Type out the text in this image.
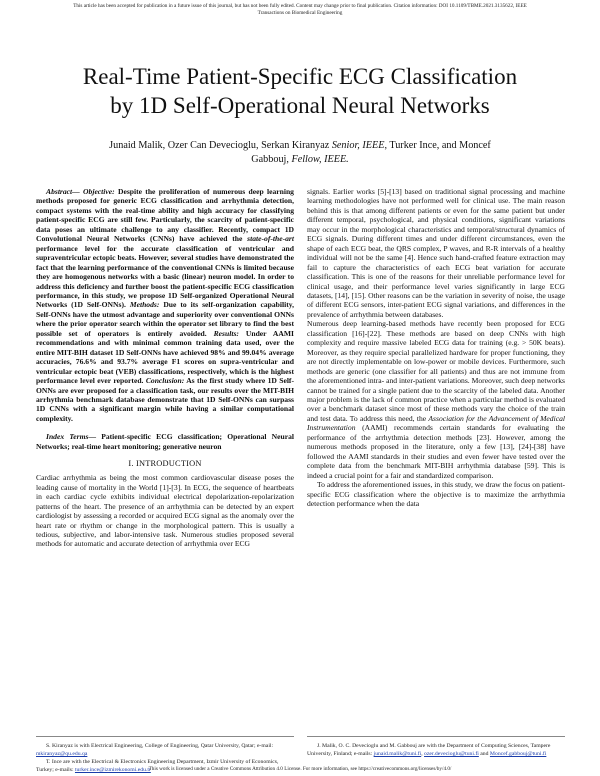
This article has been accepted for publication in a future issue of this journal, but has not been fully edited. Content may change prior to final publication. Citation information: DOI 10.1109/TBME.2021.3135622, IEEE
Transactions on Biomedical Engineering
Real-Time Patient-Specific ECG Classification
by 1D Self-Operational Neural Networks
Junaid Malik, Ozer Can Devecioglu, Serkan Kiranyaz Senior, IEEE, Turker Ince, and Moncef
Gabbouj, Fellow, IEEE.

Abstract— Objective: Despite the proliferation of numerous deep learning methods proposed for generic ECG classification and arrhythmia detection, compact systems with the real-time ability and high accuracy for classifying patient-specific ECG are still few. Particularly, the scarcity of patient-specific data poses an ultimate challenge to any classifier. Recently, compact 1D Convolutional Neural Networks (CNNs) have achieved the state-of-the-art performance level for the accurate classification of ventricular and supraventricular ectopic beats. However, several studies have demonstrated the fact that the learning performance of the conventional CNNs is limited because they are homogenous networks with a basic (linear) neuron model. In order to address this deficiency and further boost the patient-specific ECG classification performance, in this study, we propose 1D Self-organized Operational Neural Networks (1D Self-ONNs). Methods: Due to its self-organization capability, Self-ONNs have the utmost advantage and superiority over conventional ONNs where the prior operator search within the operator set library to find the best possible set of operators is entirely avoided. Results: Under AAMI recommendations and with minimal common training data used, over the entire MIT-BIH dataset 1D Self-ONNs have achieved 98% and 99.04% average accuracies, 76.6% and 93.7% average F1 scores on supra-ventricular and ventricular ectopic beat (VEB) classifications, respectively, which is the highest performance level ever reported. Conclusion: As the first study where 1D Self-ONNs are ever proposed for a classification task, our results over the MIT-BIH arrhythmia benchmark database demonstrate that 1D Self-ONNs can surpass 1D CNNs with a significant margin while having a similar computational complexity.

Index Terms— Patient-specific ECG classification; Operational Neural Networks; real-time heart monitoring; generative neuron

I. INTRODUCTION

Cardiac arrhythmia as being the most common cardiovascular disease poses the leading cause of mortality in the World [1]-[3]. In ECG, the sequence of heartbeats in each cardiac cycle exhibits individual electrical depolarization-repolarization patterns of the heart. The presence of an arrhythmia can be detected by an expert cardiologist by assessing a recorded or acquired ECG signal as the anomaly over the heart rate or rhythm or change in the morphological pattern. This is usually a tedious, subjective, and labor-intensive task. Numerous studies proposed several methods for automatic and accurate detection of arrhythmia over ECG

signals. Earlier works [5]-[13] based on traditional signal processing and machine learning methodologies have not performed well for clinical use. The main reason behind this is that among different patients or even for the same patient but under different temporal, psychological, and physical conditions, significant variations may occur in the morphological characteristics and temporal/structural dynamics of ECG signals. During different times and under different circumstances, even the shape of each ECG beat, the QRS complex, P waves, and R-R intervals of a healthy individual will not be the same [4]. Hence such hand-crafted feature extraction may fail to capture the characteristics of each ECG beat variation for accurate classification. This is one of the reasons for their unreliable performance level for clinical usage, and their performance level varies significantly in large ECG datasets, [14], [15]. Other reasons can be the variation in severity of noise, the usage of different ECG sensors, inter-patient ECG signal variations, and differences in the prevalence of arrhythmia between databases.

Numerous deep learning-based methods have recently been proposed for ECG classification [16]-[22]. These methods are based on deep CNNs with high complexity and require massive labeled ECG data for training (e.g. > 50K beats). Moreover, as they require special parallelized hardware for proper functioning, they are not directly implementable on low-power or mobile devices. Furthermore, such methods are generic (one classifier for all patients) and thus are not immune from the aforementioned intra- and inter-patient variations. Moreover, such deep networks cannot be trained for a single patient due to the scarcity of the labeled data. Another major problem is the lack of common practice when a particular method is evaluated over a benchmark dataset since most of these methods vary the choice of the train and test data. To address this need, the Association for the Advancement of Medical Instrumentation (AAMI) recommends certain standards for evaluating the performance of the arrhythmia detection methods [23]. However, among the numerous methods proposed in the literature, only a few [13], [24]-[38] have followed the AAMI standards in their studies and even fewer have tested over the complete data from the benchmark MIT-BIH arrhythmia database [59]. This is indeed a crucial point for a fair and standardized comparison.

To address the aforementioned issues, in this study, we draw the focus on patient-specific ECG classification where the objective is to maximize the arrhythmia detection performance when the data

S. Kiranyaz is with Electrical Engineering, College of Engineering, Qatar University, Qatar; e-mail: mkiranyaz@qu.edu.qa
T. Ince are with the Electrical & Electronics Engineering Department, Izmir University of Economics, Turkey; e-mails: turker.ince@izmirekonomi.edu.tr
J. Malik, O. C. Devecioglu and M. Gabbouj are with the Department of Computing Sciences, Tampere University, Finland; e-mails: junaid.malik@tuni.fi, ozer.devecioglu@tuni.fi and Moncef.gabbouj@tuni.fi
This work is licensed under a Creative Commons Attribution 4.0 License. For more information, see https://creativecommons.org/licenses/by/4.0/
